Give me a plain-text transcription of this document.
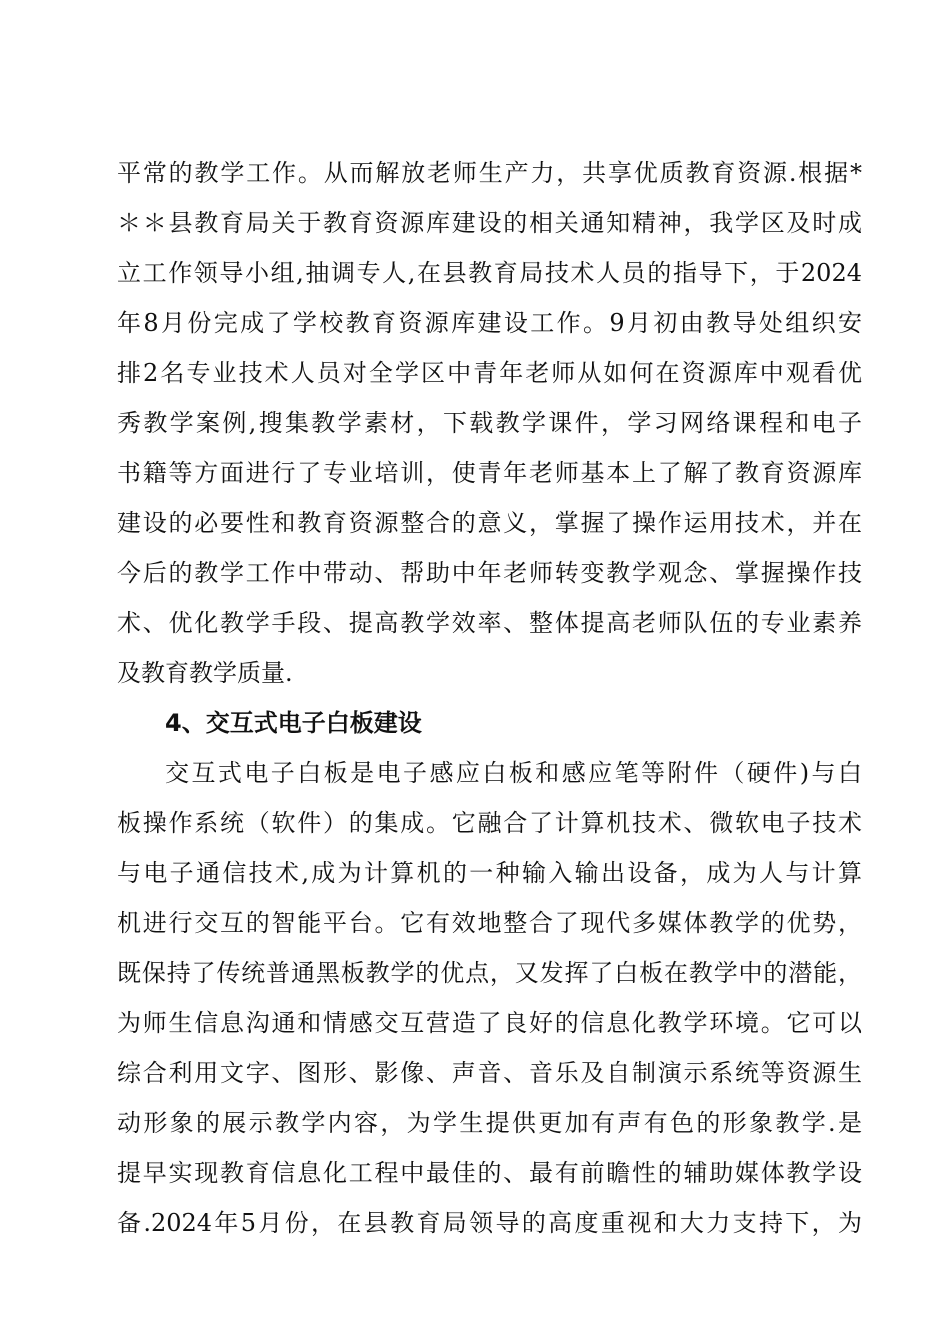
平常的教学工作。从而解放老师生产力，共享优质教育资源.根据*
＊＊县教育局关于教育资源库建设的相关通知精神，我学区及时成
立工作领导小组,抽调专人,在县教育局技术人员的指导下，于2024
年8月份完成了学校教育资源库建设工作。9月初由教导处组织安
排2名专业技术人员对全学区中青年老师从如何在资源库中观看优
秀教学案例,搜集教学素材，下载教学课件，学习网络课程和电子
书籍等方面进行了专业培训，使青年老师基本上了解了教育资源库
建设的必要性和教育资源整合的意义，掌握了操作运用技术，并在
今后的教学工作中带动、帮助中年老师转变教学观念、掌握操作技
术、优化教学手段、提高教学效率、整体提高老师队伍的专业素养
及教育教学质量.
4、交互式电子白板建设
交互式电子白板是电子感应白板和感应笔等附件（硬件)与白
板操作系统（软件）的集成。它融合了计算机技术、微软电子技术
与电子通信技术,成为计算机的一种输入输出设备，成为人与计算
机进行交互的智能平台。它有效地整合了现代多媒体教学的优势，
既保持了传统普通黑板教学的优点，又发挥了白板在教学中的潜能，
为师生信息沟通和情感交互营造了良好的信息化教学环境。它可以
综合利用文字、图形、影像、声音、音乐及自制演示系统等资源生
动形象的展示教学内容，为学生提供更加有声有色的形象教学.是
提早实现教育信息化工程中最佳的、最有前瞻性的辅助媒体教学设
备.2024年5月份，在县教育局领导的高度重视和大力支持下，为
